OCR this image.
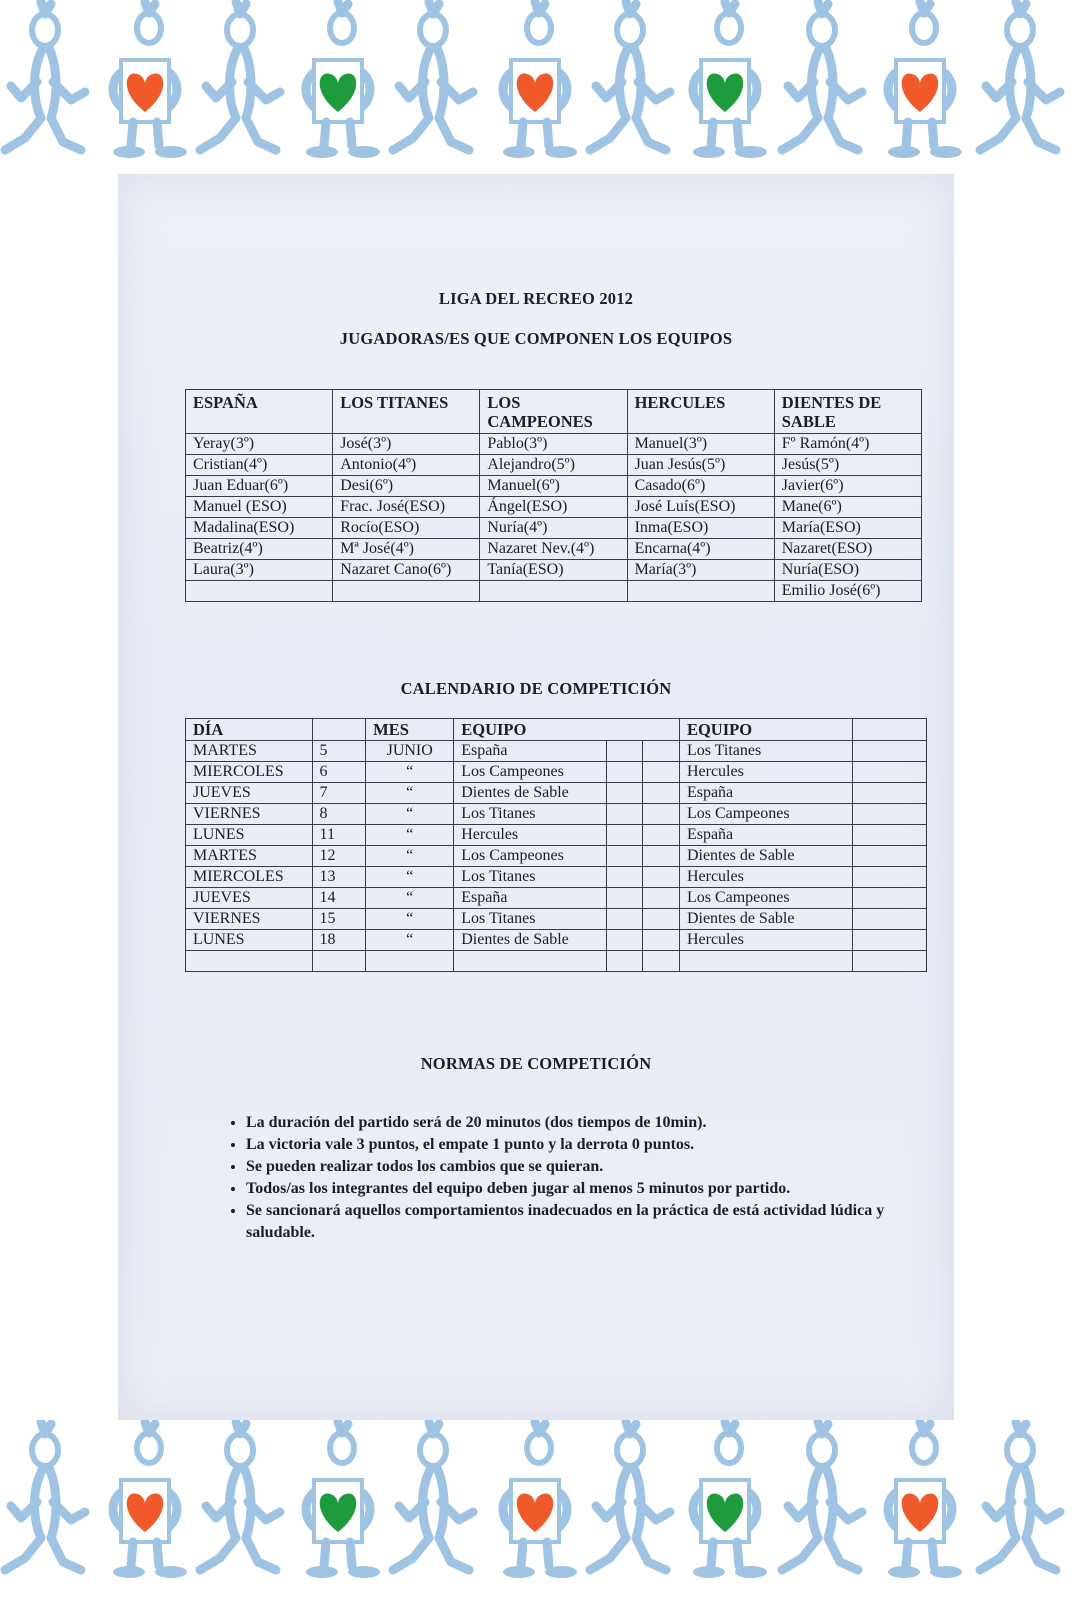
LIGA DEL RECREO 2012
JUGADORAS/ES QUE COMPONEN LOS EQUIPOS
ESPAÑA	LOS TITANES	LOS CAMPEONES	HERCULES	DIENTES DE SABLE
Yeray(3º)	José(3º)	Pablo(3º)	Manuel(3º)	Fº Ramón(4º)
Cristian(4º)	Antonio(4º)	Alejandro(5º)	Juan Jesús(5º)	Jesús(5º)
Juan Eduar(6º)	Desi(6º)	Manuel(6º)	Casado(6º)	Javier(6º)
Manuel (ESO)	Frac. José(ESO)	Ángel(ESO)	José Luís(ESO)	Mane(6º)
Madalina(ESO)	Rocío(ESO)	Nuría(4º)	Inma(ESO)	María(ESO)
Beatriz(4º)	Mª José(4º)	Nazaret Nev.(4º)	Encarna(4º)	Nazaret(ESO)
Laura(3º)	Nazaret Cano(6º)	Tanía(ESO)	María(3º)	Nuría(ESO)
				Emilio José(6º)
CALENDARIO DE COMPETICIÓN
DÍA		MES	EQUIPO			EQUIPO	
MARTES	5	JUNIO	España			Los Titanes	
MIERCOLES	6	“	Los Campeones			Hercules	
JUEVES	7	“	Dientes de Sable			España	
VIERNES	8	“	Los Titanes			Los Campeones	
LUNES	11	“	Hercules			España	
MARTES	12	“	Los Campeones			Dientes de Sable	
MIERCOLES	13	“	Los Titanes			Hercules	
JUEVES	14	“	España			Los Campeones	
VIERNES	15	“	Los Titanes			Dientes de Sable	
LUNES	18	“	Dientes de Sable			Hercules	

NORMAS DE COMPETICIÓN
• La duración del partido será de 20 minutos (dos tiempos de 10min).
• La victoria vale 3 puntos, el empate 1 punto y la derrota 0 puntos.
• Se pueden realizar todos los cambios que se quieran.
• Todos/as los integrantes del equipo deben jugar al menos 5 minutos por partido.
• Se sancionará aquellos comportamientos inadecuados en la práctica de está actividad lúdica y saludable.
